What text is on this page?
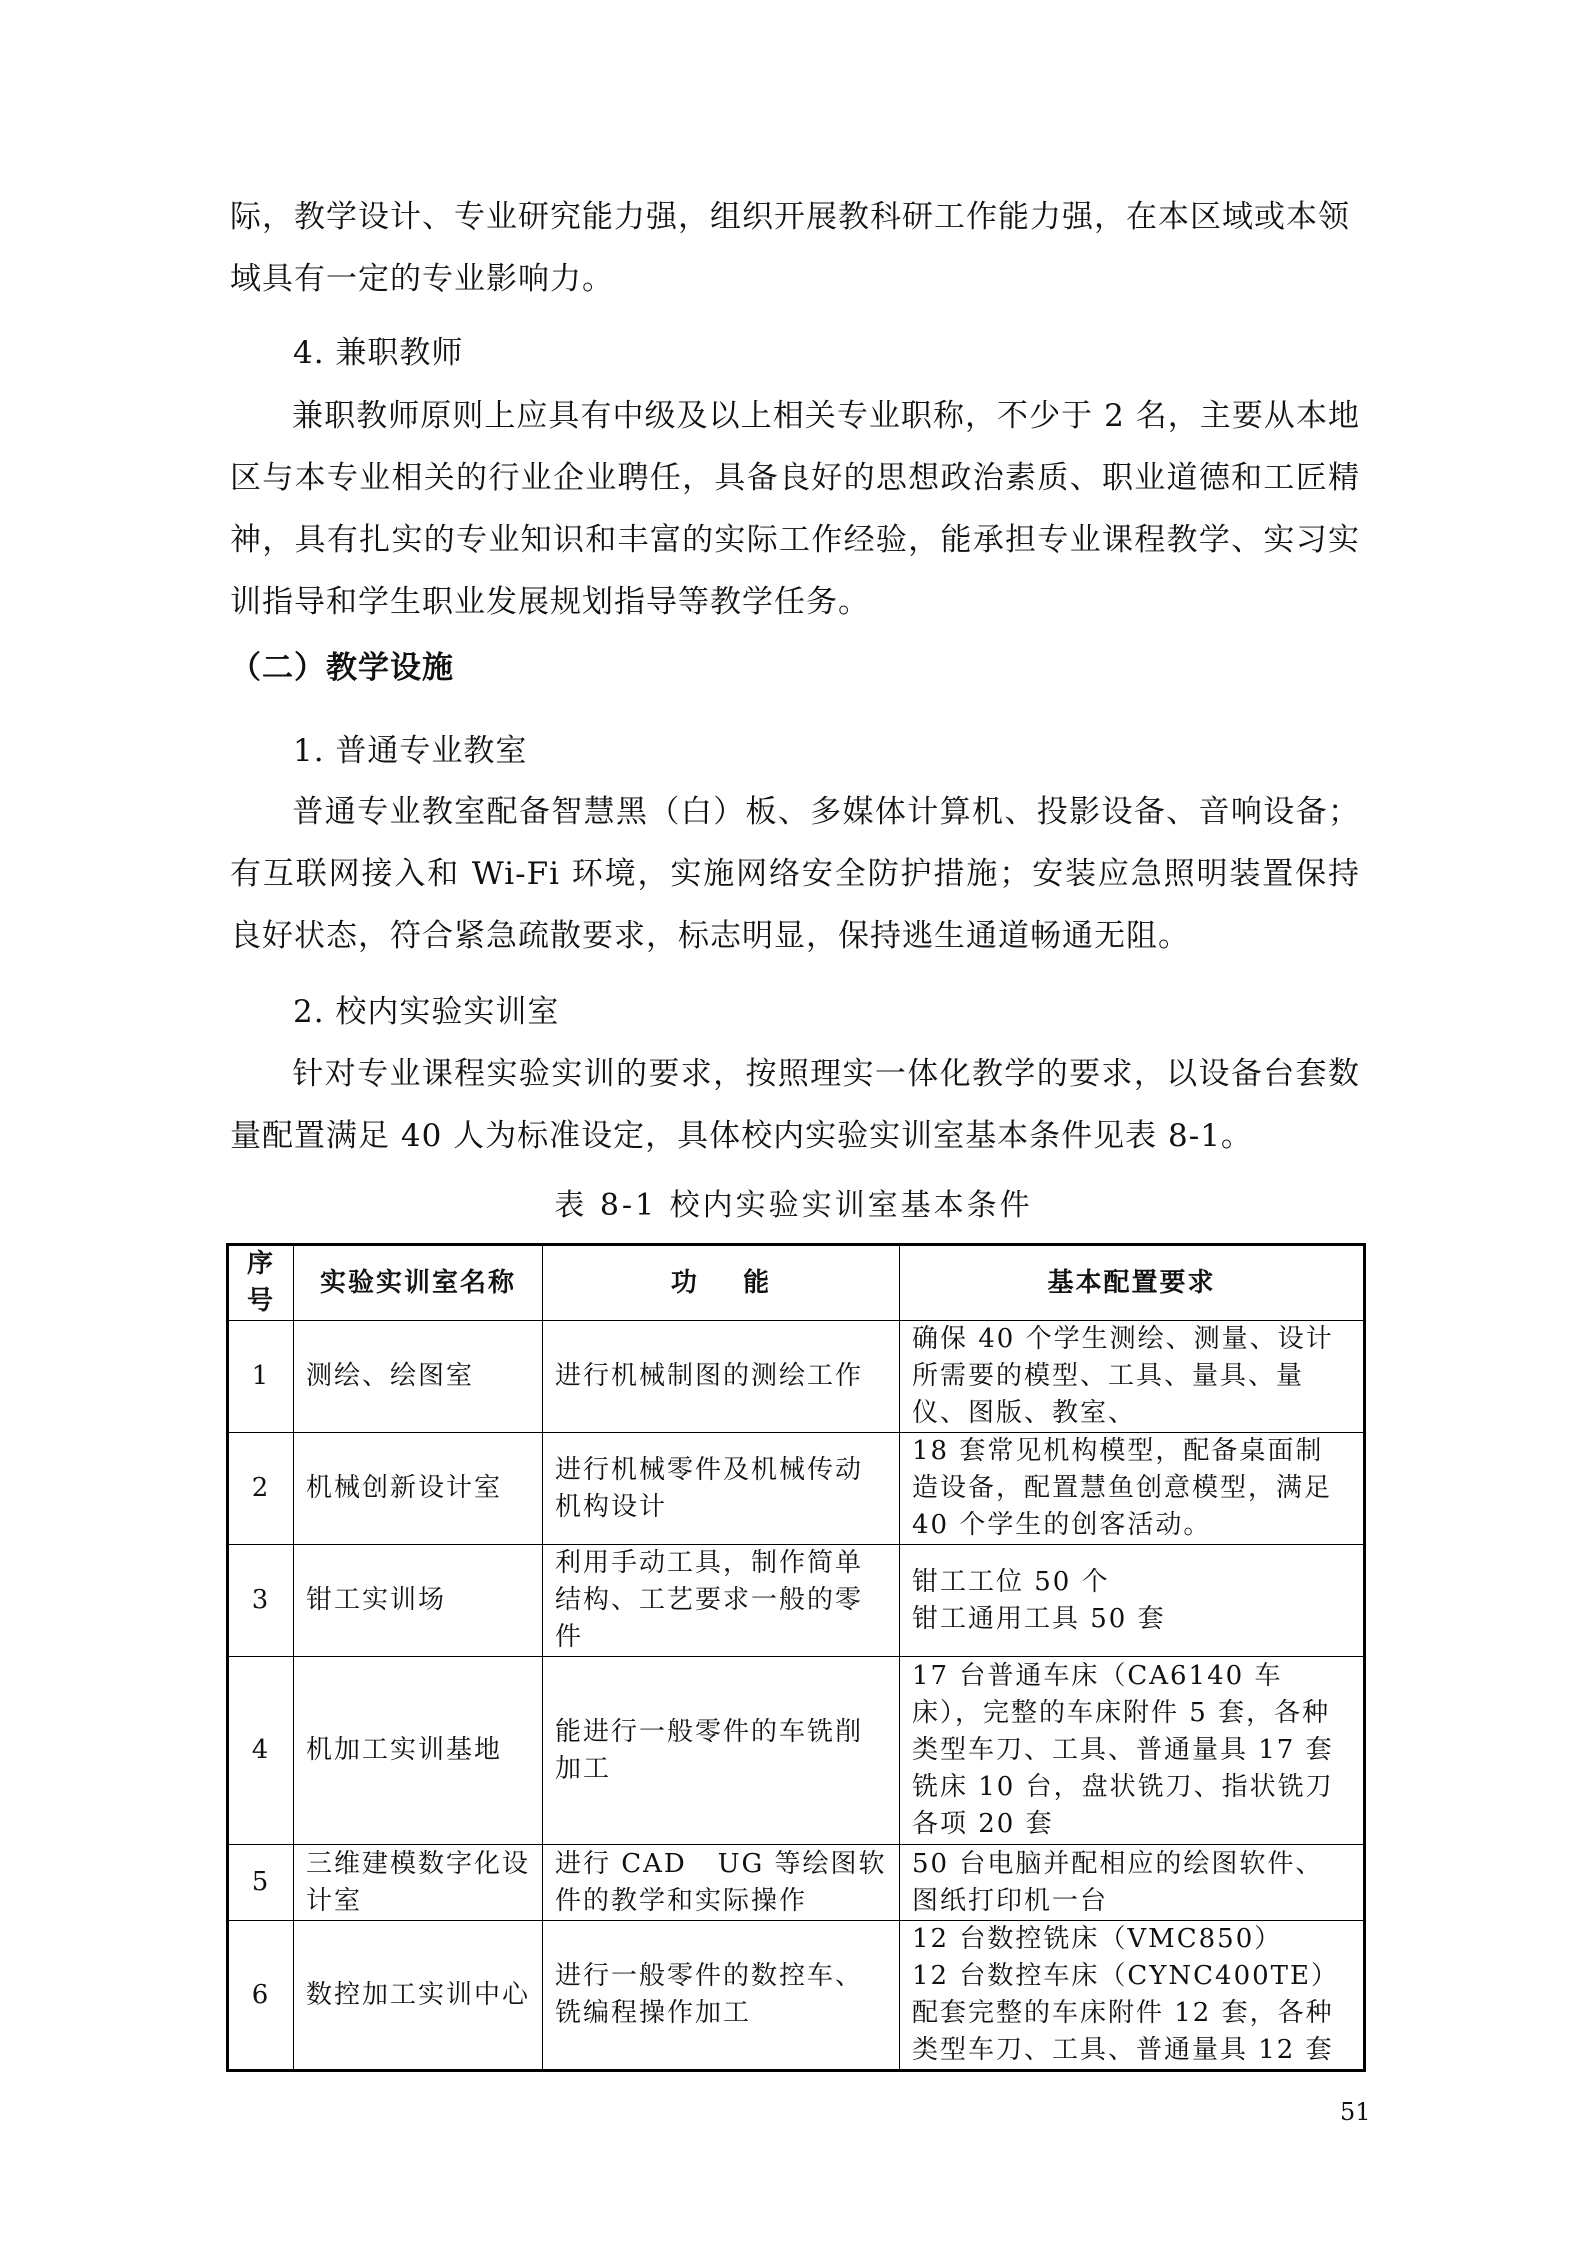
际，教学设计、专业研究能力强，组织开展教科研工作能力强，在本区域或本领
域具有一定的专业影响力。

4. 兼职教师

兼职教师原则上应具有中级及以上相关专业职称，不少于 2 名，主要从本地区与本专业相关的行业企业聘任，具备良好的思想政治素质、职业道德和工匠精神，具有扎实的专业知识和丰富的实际工作经验，能承担专业课程教学、实习实训指导和学生职业发展规划指导等教学任务。

（二）教学设施

1. 普通专业教室

普通专业教室配备智慧黑（白）板、多媒体计算机、投影设备、音响设备；有互联网接入和 Wi-Fi 环境，实施网络安全防护措施；安装应急照明装置保持良好状态，符合紧急疏散要求，标志明显，保持逃生通道畅通无阻。

2. 校内实验实训室

针对专业课程实验实训的要求，按照理实一体化教学的要求，以设备台套数量配置满足 40 人为标准设定，具体校内实验实训室基本条件见表 8-1。

表 8-1 校内实验实训室基本条件
序号	实验实训室名称	功    能	基本配置要求
1	测绘、绘图室	进行机械制图的测绘工作	确保 40 个学生测绘、测量、设计所需要的模型、工具、量具、量仪、图版、教室、

2	机械创新设计室	进行机械零件及机械传动机构设计	18 套常见机构模型，配备桌面制造设备，配置慧鱼创意模型，满足 40 个学生的创客活动。

3	钳工实训场	利用手动工具，制作简单结构、工艺要求一般的零件	钳工工位 50 个
钳工通用工具 50 套

4	机加工实训基地	能进行一般零件的车铣削加工	17 台普通车床（CA6140 车床），完整的车床附件 5 套，各种类型车刀、工具、普通量具 17 套
铣床 10 台，盘状铣刀、指状铣刀各项 20 套

5	三维建模数字化设计室	进行 CAD   UG 等绘图软件的教学和实际操作	50 台电脑并配相应的绘图软件、图纸打印机一台

6	数控加工实训中心	进行一般零件的数控车、铣编程操作加工	12 台数控铣床（VMC850）
12 台数控车床（CYNC400TE）
配套完整的车床附件 12 套，各种类型车刀、工具、普通量具 12 套
51
